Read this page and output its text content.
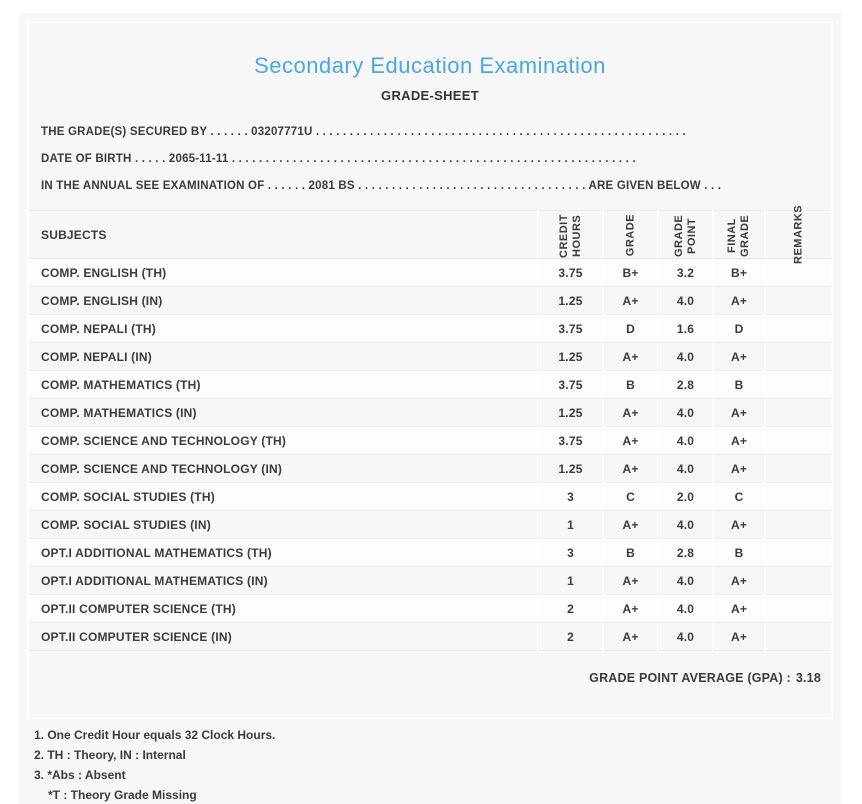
Secondary Education Examination
GRADE-SHEET
THE GRADE(S) SECURED BY . . . . . . 03207771U . . . . . . . . . . . . . . . . . . . . . . . . . . . . . . . . . . . . . . . . . . . . . . . . . . . . . . .
DATE OF BIRTH . . . . . 2065-11-11 . . . . . . . . . . . . . . . . . . . . . . . . . . . . . . . . . . . . . . . . . . . . . . . . . . . . . . . . . . . .
IN THE ANNUAL SEE EXAMINATION OF . . . . . . 2081 BS . . . . . . . . . . . . . . . . . . . . . . . . . . . . . . . . . . ARE GIVEN BELOW . . .
SUBJECTS	CREDIT HOURS	GRADE	GRADE POINT	FINAL GRADE	REMARKS

COMP. ENGLISH (TH)	3.75	B+	3.2	B+	
COMP. ENGLISH (IN)	1.25	A+	4.0	A+	
COMP. NEPALI (TH)	3.75	D	1.6	D	
COMP. NEPALI (IN)	1.25	A+	4.0	A+	
COMP. MATHEMATICS (TH)	3.75	B	2.8	B	
COMP. MATHEMATICS (IN)	1.25	A+	4.0	A+	
COMP. SCIENCE AND TECHNOLOGY (TH)	3.75	A+	4.0	A+	
COMP. SCIENCE AND TECHNOLOGY (IN)	1.25	A+	4.0	A+	
COMP. SOCIAL STUDIES (TH)	3	C	2.0	C	
COMP. SOCIAL STUDIES (IN)	1	A+	4.0	A+	
OPT.I ADDITIONAL MATHEMATICS (TH)	3	B	2.8	B	
OPT.I ADDITIONAL MATHEMATICS (IN)	1	A+	4.0	A+	
OPT.II COMPUTER SCIENCE (TH)	2	A+	4.0	A+	
OPT.II COMPUTER SCIENCE (IN)	2	A+	4.0	A+	
GRADE POINT AVERAGE (GPA) : 3.18
1. One Credit Hour equals 32 Clock Hours.
2. TH : Theory, IN : Internal
3. *Abs : Absent
*T : Theory Grade Missing
